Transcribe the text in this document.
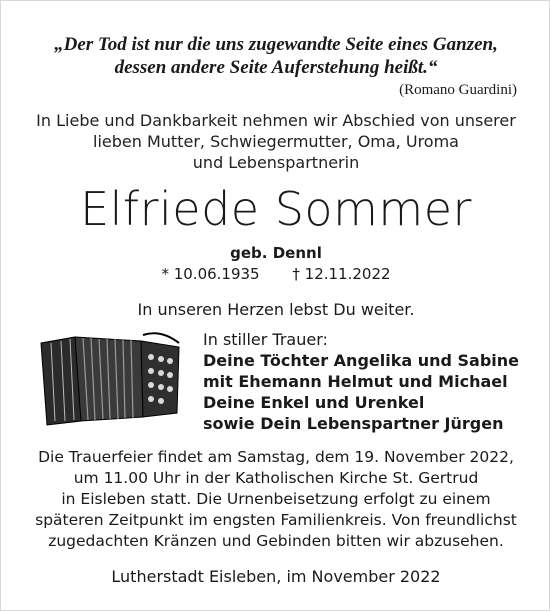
„Der Tod ist nur die uns zugewandte Seite eines Ganzen,
dessen andere Seite Auferstehung heißt.“
(Romano Guardini)
In Liebe und Dankbarkeit nehmen wir Abschied von unserer
lieben Mutter, Schwiegermutter, Oma, Uroma
und Lebenspartnerin
Elfriede Sommer
geb. Dennl
* 10.06.1935 † 12.11.2022
In unseren Herzen lebst Du weiter.
In stiller Trauer:
Deine Töchter Angelika und Sabine
mit Ehemann Helmut und Michael
Deine Enkel und Urenkel
sowie Dein Lebenspartner Jürgen
Die Trauerfeier findet am Samstag, dem 19. November 2022,
um 11.00 Uhr in der Katholischen Kirche St. Gertrud
in Eisleben statt. Die Urnenbeisetzung erfolgt zu einem
späteren Zeitpunkt im engsten Familienkreis. Von freundlichst
zugedachten Kränzen und Gebinden bitten wir abzusehen.
Lutherstadt Eisleben, im November 2022
